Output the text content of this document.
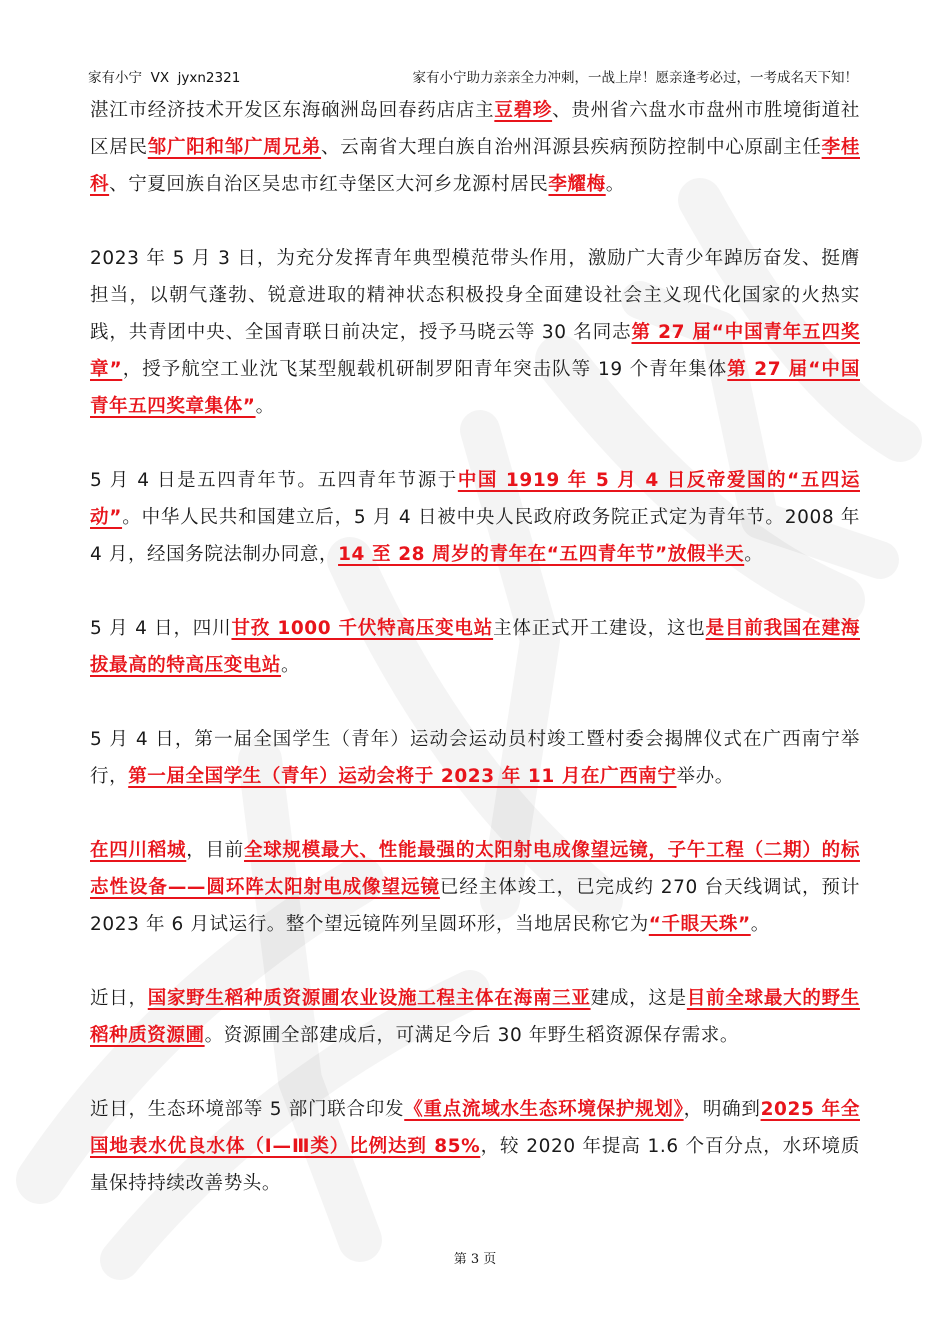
家有小宁  VX  jyxn2321	家有小宁助力亲亲全力冲刺，一战上岸！愿亲逢考必过，一考成名天下知！

湛江市经济技术开发区东海硇洲岛回春药店店主豆碧珍、贵州省六盘水市盘州市胜境街道社区居民邹广阳和邹广周兄弟、云南省大理白族自治州洱源县疾病预防控制中心原副主任李桂科、宁夏回族自治区吴忠市红寺堡区大河乡龙源村居民李耀梅。

2023 年 5 月 3 日，为充分发挥青年典型模范带头作用，激励广大青少年踔厉奋发、挺膺担当，以朝气蓬勃、锐意进取的精神状态积极投身全面建设社会主义现代化国家的火热实践，共青团中央、全国青联日前决定，授予马晓云等 30 名同志第 27 届“中国青年五四奖章”，授予航空工业沈飞某型舰载机研制罗阳青年突击队等 19 个青年集体第 27 届“中国青年五四奖章集体”。

5 月 4 日是五四青年节。五四青年节源于中国 1919 年 5 月 4 日反帝爱国的“五四运动”。中华人民共和国建立后，5 月 4 日被中央人民政府政务院正式定为青年节。2008 年 4 月，经国务院法制办同意，14 至 28 周岁的青年在“五四青年节”放假半天。

5 月 4 日，四川甘孜 1000 千伏特高压变电站主体正式开工建设，这也是目前我国在建海拔最高的特高压变电站。

5 月 4 日，第一届全国学生（青年）运动会运动员村竣工暨村委会揭牌仪式在广西南宁举行，第一届全国学生（青年）运动会将于 2023 年 11 月在广西南宁举办。

在四川稻城，目前全球规模最大、性能最强的太阳射电成像望远镜，子午工程（二期）的标志性设备——圆环阵太阳射电成像望远镜已经主体竣工，已完成约 270 台天线调试，预计 2023 年 6 月试运行。整个望远镜阵列呈圆环形，当地居民称它为“千眼天珠”。

近日，国家野生稻种质资源圃农业设施工程主体在海南三亚建成，这是目前全球最大的野生稻种质资源圃。资源圃全部建成后，可满足今后 30 年野生稻资源保存需求。

近日，生态环境部等 5 部门联合印发《重点流域水生态环境保护规划》，明确到2025 年全国地表水优良水体（Ⅰ—Ⅲ类）比例达到 85%，较 2020 年提高 1.6 个百分点，水环境质量保持持续改善势头。

第 3 页
